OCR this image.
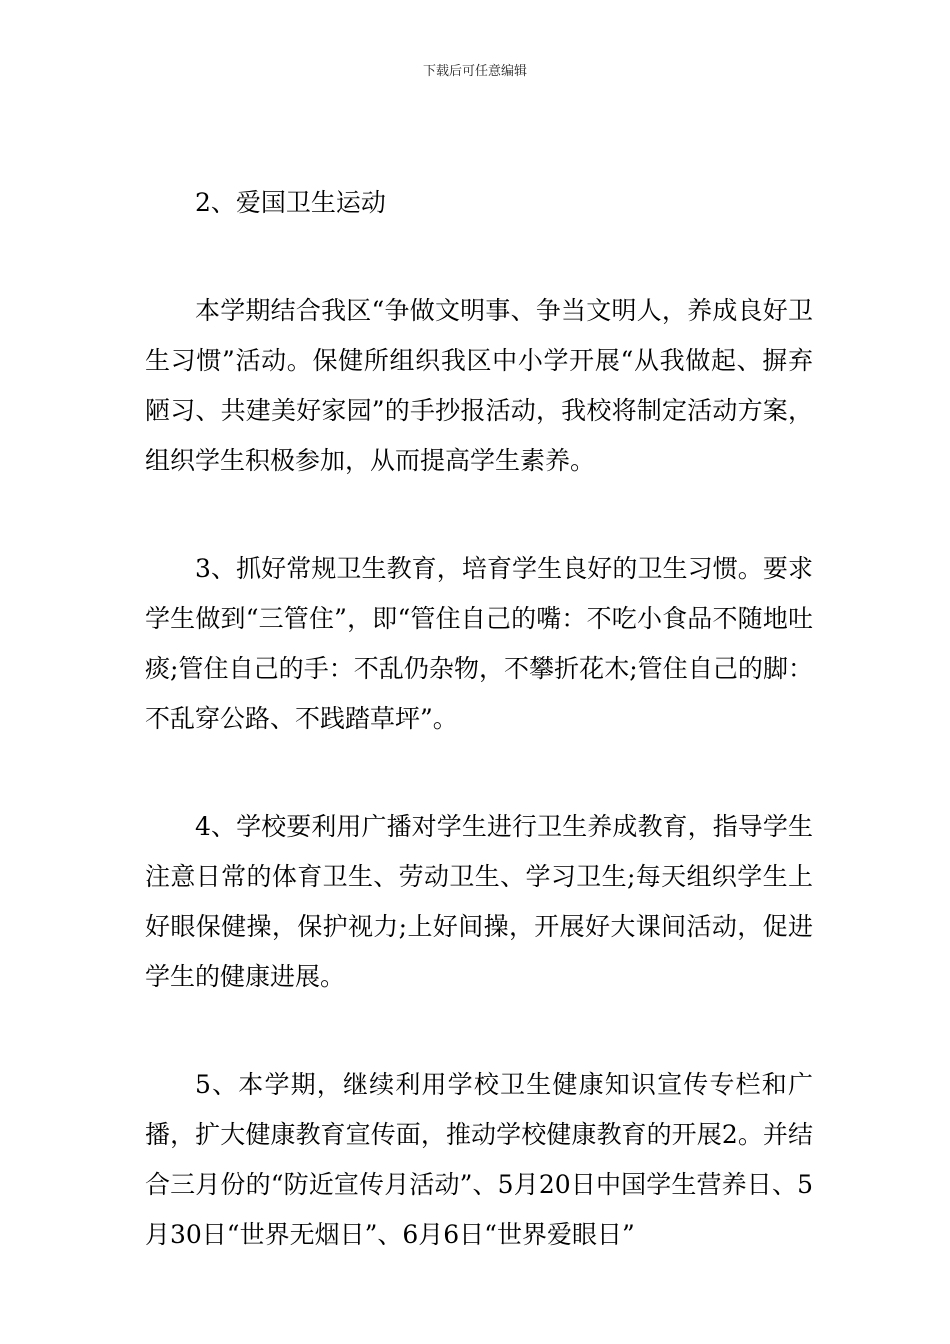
下载后可任意编辑

2、爱国卫生运动

本学期结合我区“争做文明事、争当文明人，养成良好卫生习惯”活动。保健所组织我区中小学开展“从我做起、摒弃陋习、共建美好家园”的手抄报活动，我校将制定活动方案，组织学生积极参加，从而提高学生素养。

3、抓好常规卫生教育，培育学生良好的卫生习惯。要求学生做到“三管住”，即“管住自己的嘴：不吃小食品不随地吐痰;管住自己的手：不乱仍杂物，不攀折花木;管住自己的脚：不乱穿公路、不践踏草坪”。

4、学校要利用广播对学生进行卫生养成教育，指导学生注意日常的体育卫生、劳动卫生、学习卫生;每天组织学生上好眼保健操，保护视力;上好间操，开展好大课间活动，促进学生的健康进展。

5、本学期，继续利用学校卫生健康知识宣传专栏和广播，扩大健康教育宣传面，推动学校健康教育的开展2。并结合三月份的“防近宣传月活动”、5月20日中国学生营养日、5月30日“世界无烟日”、6月6日“世界爱眼日”
